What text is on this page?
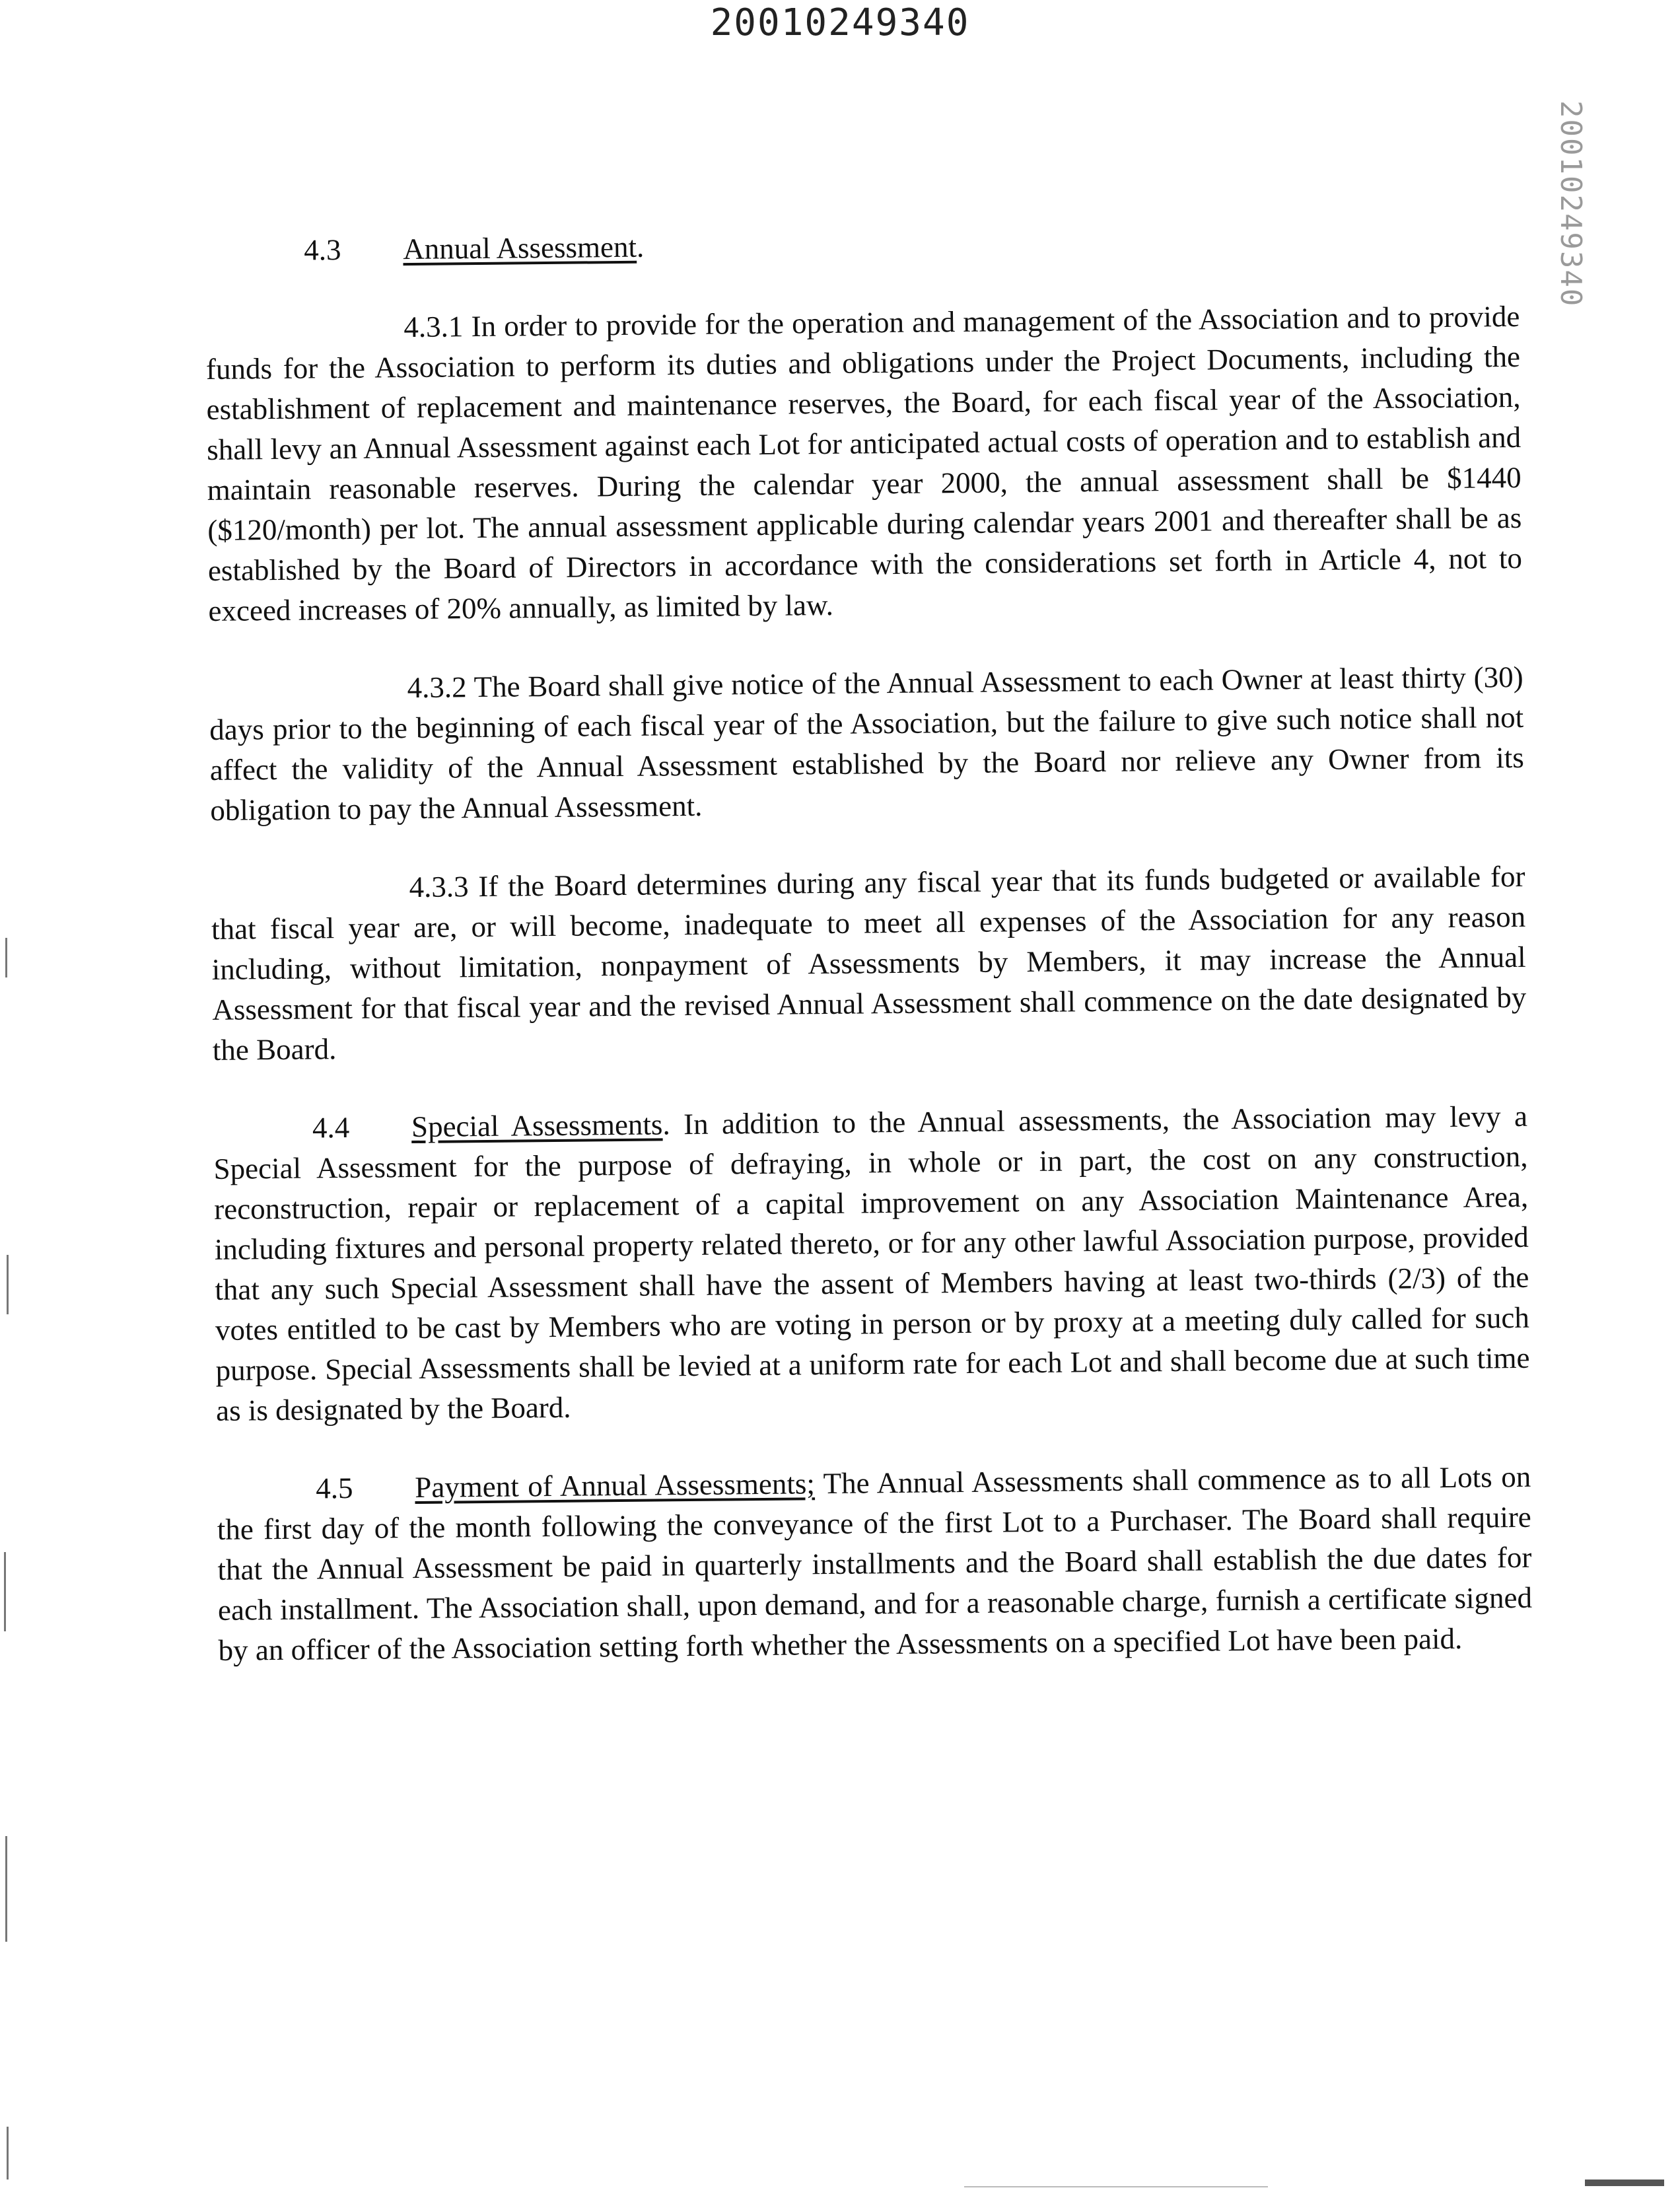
20010249340
20010249340
4.3 Annual Assessment.

4.3.1 In order to provide for the operation and management of the Association and to provide funds for the Association to perform its duties and obligations under the Project Documents, including the establishment of replacement and maintenance reserves, the Board, for each fiscal year of the Association, shall levy an Annual Assessment against each Lot for anticipated actual costs of operation and to establish and maintain reasonable reserves. During the calendar year 2000, the annual assessment shall be $1440 ($120/month) per lot. The annual assessment applicable during calendar years 2001 and thereafter shall be as established by the Board of Directors in accordance with the considerations set forth in Article 4, not to exceed increases of 20% annually, as limited by law.

4.3.2 The Board shall give notice of the Annual Assessment to each Owner at least thirty (30) days prior to the beginning of each fiscal year of the Association, but the failure to give such notice shall not affect the validity of the Annual Assessment established by the Board nor relieve any Owner from its obligation to pay the Annual Assessment.

4.3.3 If the Board determines during any fiscal year that its funds budgeted or available for that fiscal year are, or will become, inadequate to meet all expenses of the Association for any reason including, without limitation, nonpayment of Assessments by Members, it may increase the Annual Assessment for that fiscal year and the revised Annual Assessment shall commence on the date designated by the Board.

4.4 Special Assessments. In addition to the Annual assessments, the Association may levy a Special Assessment for the purpose of defraying, in whole or in part, the cost on any construction, reconstruction, repair or replacement of a capital improvement on any Association Maintenance Area, including fixtures and personal property related thereto, or for any other lawful Association purpose, provided that any such Special Assessment shall have the assent of Members having at least two-thirds (2/3) of the votes entitled to be cast by Members who are voting in person or by proxy at a meeting duly called for such purpose. Special Assessments shall be levied at a uniform rate for each Lot and shall become due at such time as is designated by the Board.

4.5 Payment of Annual Assessments; The Annual Assessments shall commence as to all Lots on the first day of the month following the conveyance of the first Lot to a Purchaser. The Board shall require that the Annual Assessment be paid in quarterly installments and the Board shall establish the due dates for each installment. The Association shall, upon demand, and for a reasonable charge, furnish a certificate signed by an officer of the Association setting forth whether the Assessments on a specified Lot have been paid.
